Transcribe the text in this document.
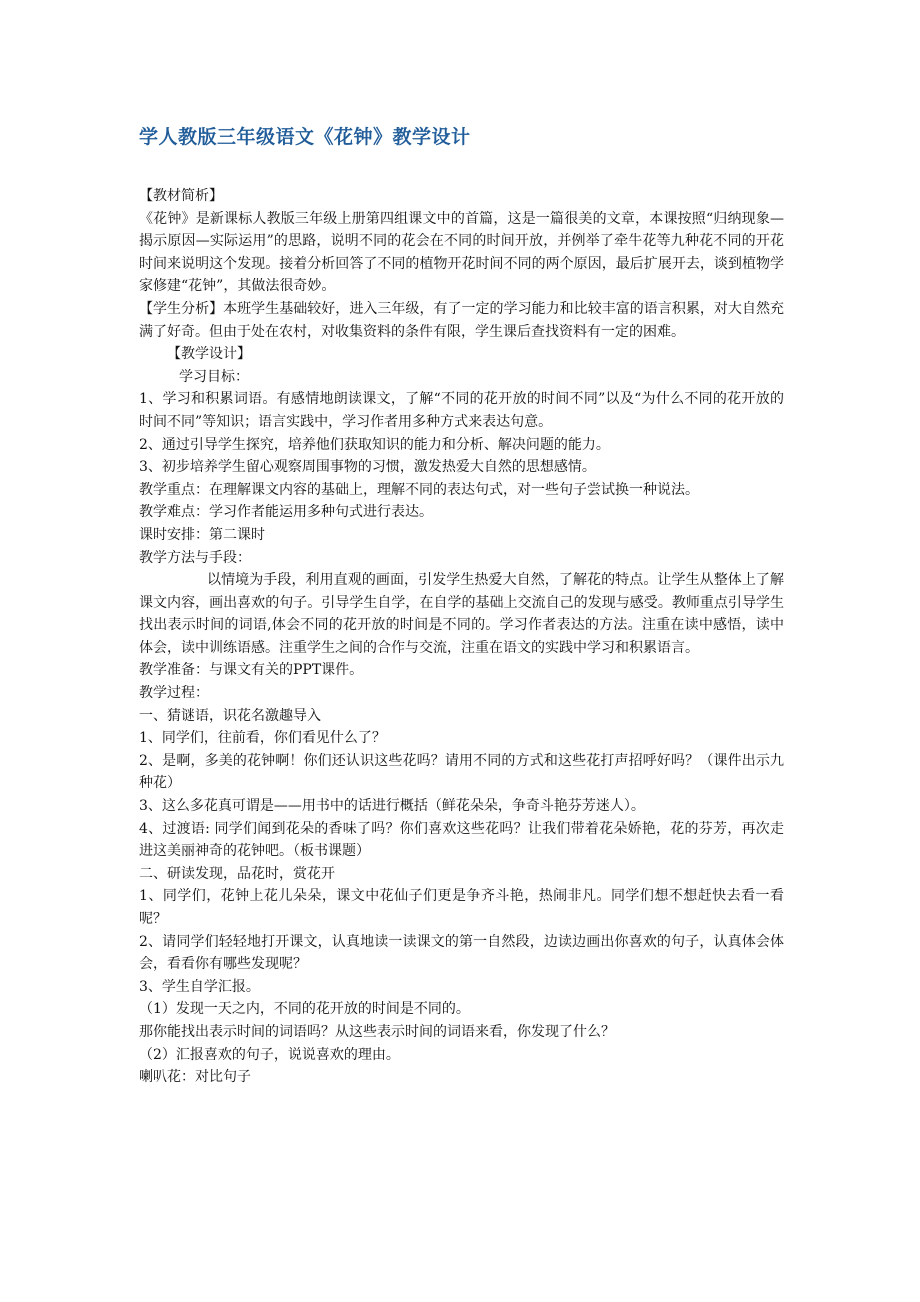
学人教版三年级语文《花钟》教学设计

【教材简析】

《花钟》是新课标人教版三年级上册第四组课文中的首篇，这是一篇很美的文章，本课按照“归纳现象—揭示原因—实际运用”的思路，说明不同的花会在不同的时间开放，并例举了牵牛花等九种花不同的开花时间来说明这个发现。接着分析回答了不同的植物开花时间不同的两个原因，最后扩展开去，谈到植物学家修建“花钟”，其做法很奇妙。

【学生分析】本班学生基础较好，进入三年级，有了一定的学习能力和比较丰富的语言积累，对大自然充满了好奇。但由于处在农村，对收集资料的条件有限，学生课后查找资料有一定的困难。

【教学设计】

学习目标：

1、学习和积累词语。有感情地朗读课文，了解“不同的花开放的时间不同”以及“为什么不同的花开放的时间不同”等知识；语言实践中，学习作者用多种方式来表达句意。

2、通过引导学生探究，培养他们获取知识的能力和分析、解决问题的能力。

3、初步培养学生留心观察周围事物的习惯，激发热爱大自然的思想感情。

教学重点：在理解课文内容的基础上，理解不同的表达句式，对一些句子尝试换一种说法。

教学难点：学习作者能运用多种句式进行表达。

课时安排：第二课时

教学方法与手段：

以情境为手段，利用直观的画面，引发学生热爱大自然，了解花的特点。让学生从整体上了解课文内容，画出喜欢的句子。引导学生自学，在自学的基础上交流自己的发现与感受。教师重点引导学生找出表示时间的词语,体会不同的花开放的时间是不同的。学习作者表达的方法。注重在读中感悟，读中体会，读中训练语感。注重学生之间的合作与交流，注重在语文的实践中学习和积累语言。

教学准备：与课文有关的PPT课件。

教学过程：

一、猜谜语，识花名激趣导入

1、同学们，往前看，你们看见什么了？

2、是啊，多美的花钟啊！你们还认识这些花吗？请用不同的方式和这些花打声招呼好吗？（课件出示九种花）

3、这么多花真可谓是——用书中的话进行概括（鲜花朵朵，争奇斗艳芬芳迷人）。

4、过渡语: 同学们闻到花朵的香味了吗？你们喜欢这些花吗？让我们带着花朵娇艳，花的芬芳，再次走进这美丽神奇的花钟吧。（板书课题）

二、研读发现，品花时，赏花开

1、同学们，花钟上花儿朵朵，课文中花仙子们更是争齐斗艳，热闹非凡。同学们想不想赶快去看一看呢？

2、请同学们轻轻地打开课文，认真地读一读课文的第一自然段，边读边画出你喜欢的句子，认真体会体会，看看你有哪些发现呢？

3、学生自学汇报。

（1）发现一天之内，不同的花开放的时间是不同的。

那你能找出表示时间的词语吗？从这些表示时间的词语来看，你发现了什么？

（2）汇报喜欢的句子，说说喜欢的理由。

喇叭花：对比句子
